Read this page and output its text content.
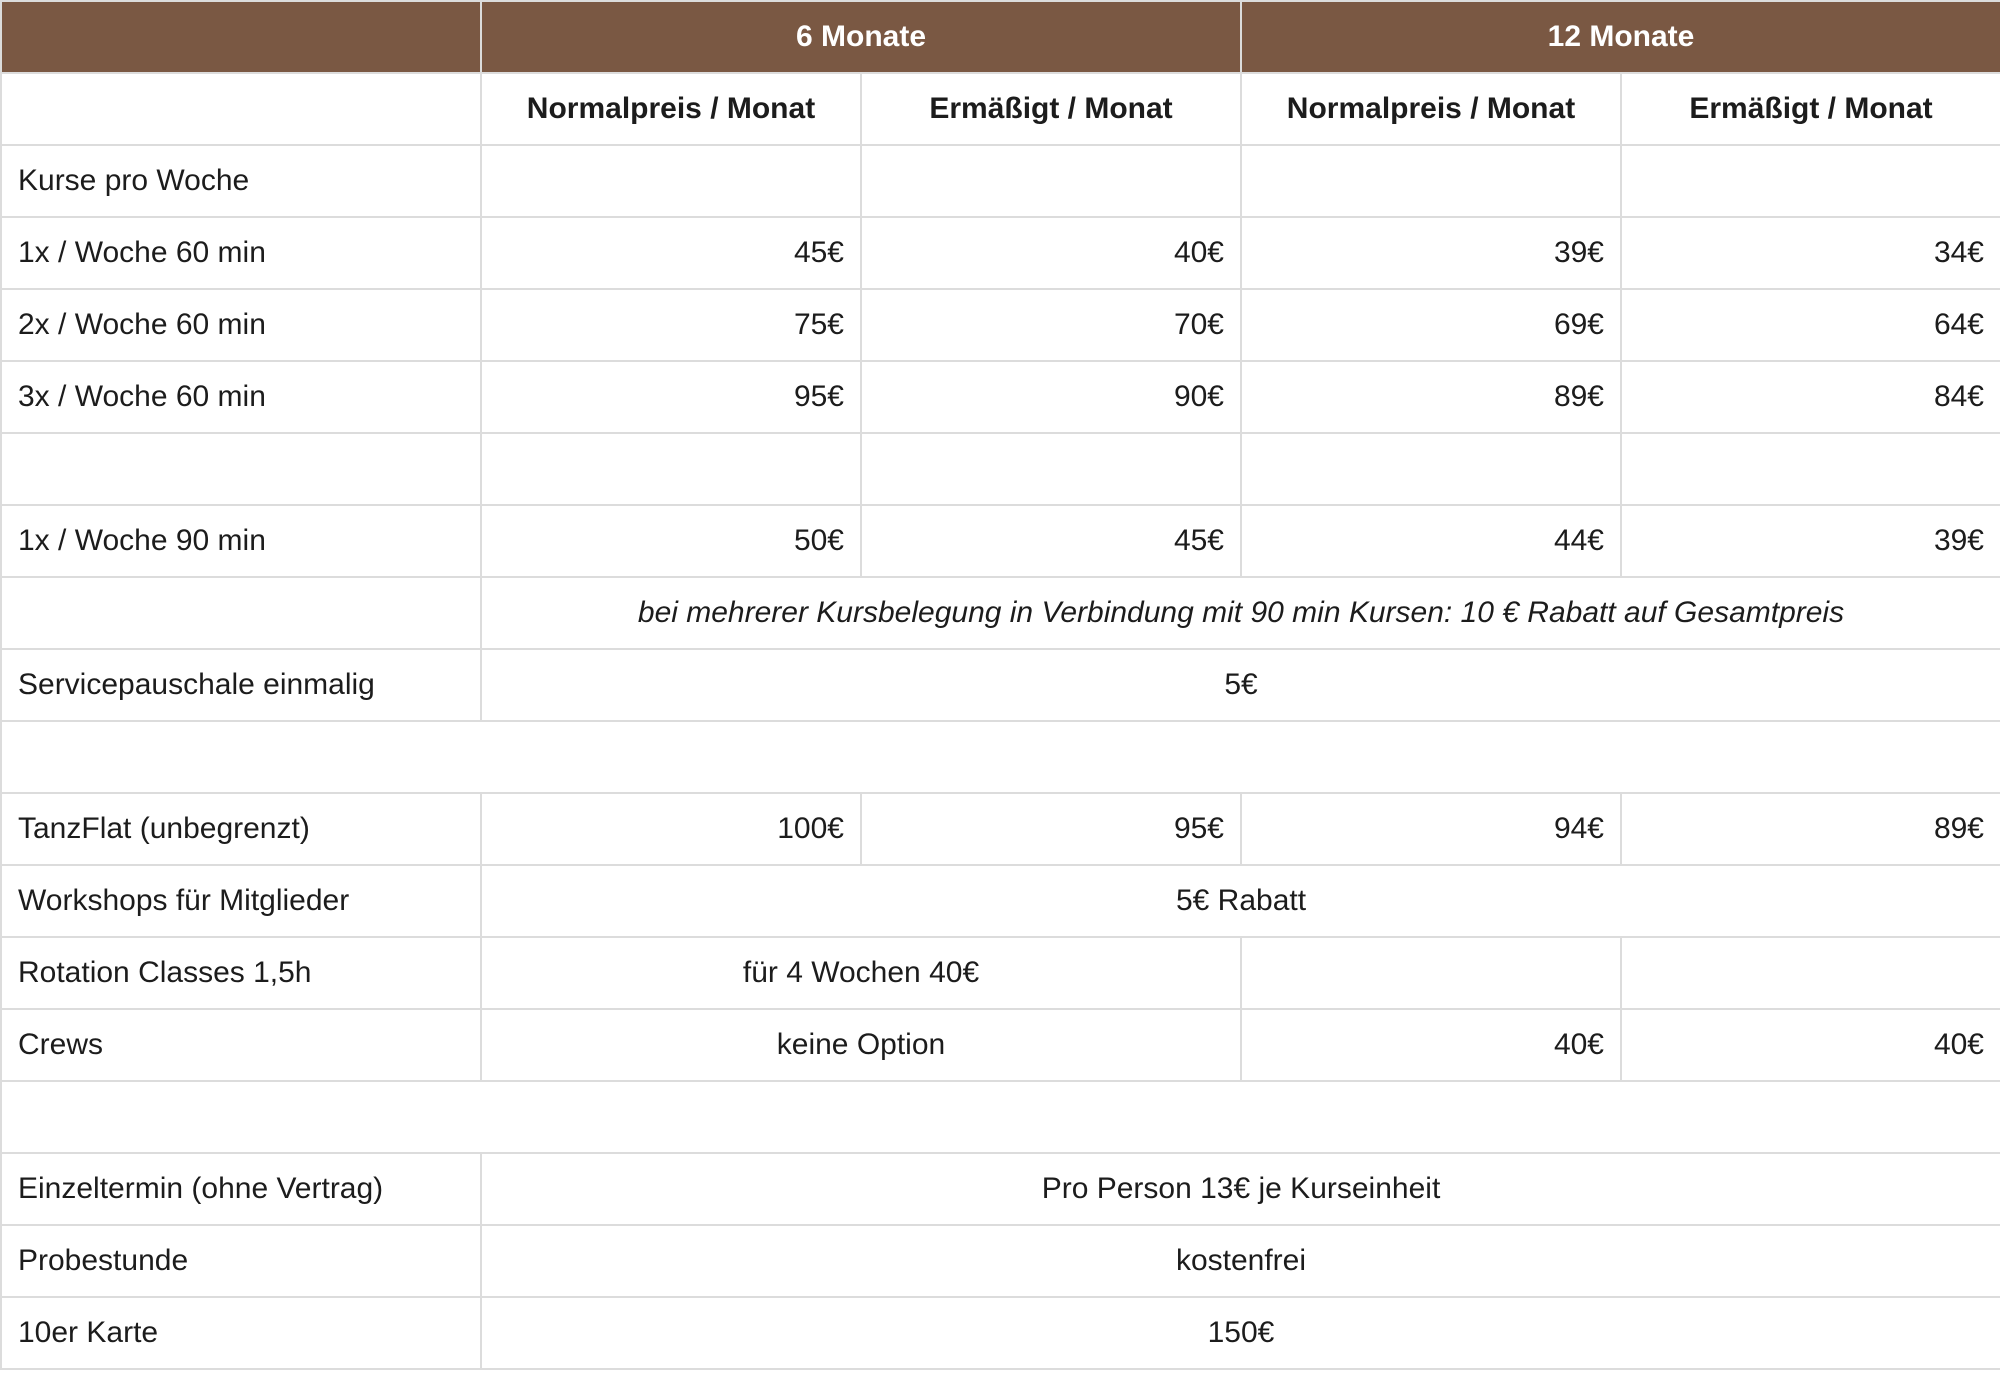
	6 Monate		12 Monate	
	Normalpreis / Monat	Ermäßigt / Monat	Normalpreis / Monat	Ermäßigt / Monat
Kurse pro Woche				
1x / Woche 60 min	45€	40€	39€	34€
2x / Woche 60 min	75€	70€	69€	64€
3x / Woche 60 min	95€	90€	89€	84€

1x / Woche 90 min	50€	45€	44€	39€
	bei mehrerer Kursbelegung in Verbindung mit 90 min Kursen: 10 € Rabatt auf Gesamtpreis			
Servicepauschale einmalig	5€			

TanzFlat (unbegrenzt)	100€	95€	94€	89€
Workshops für Mitglieder	5€ Rabatt			
Rotation Classes 1,5h	für 4 Wochen 40€			
Crews	keine Option		40€	40€

Einzeltermin (ohne Vertrag)	Pro Person 13€ je Kurseinheit			
Probestunde	kostenfrei			
10er Karte	150€			
